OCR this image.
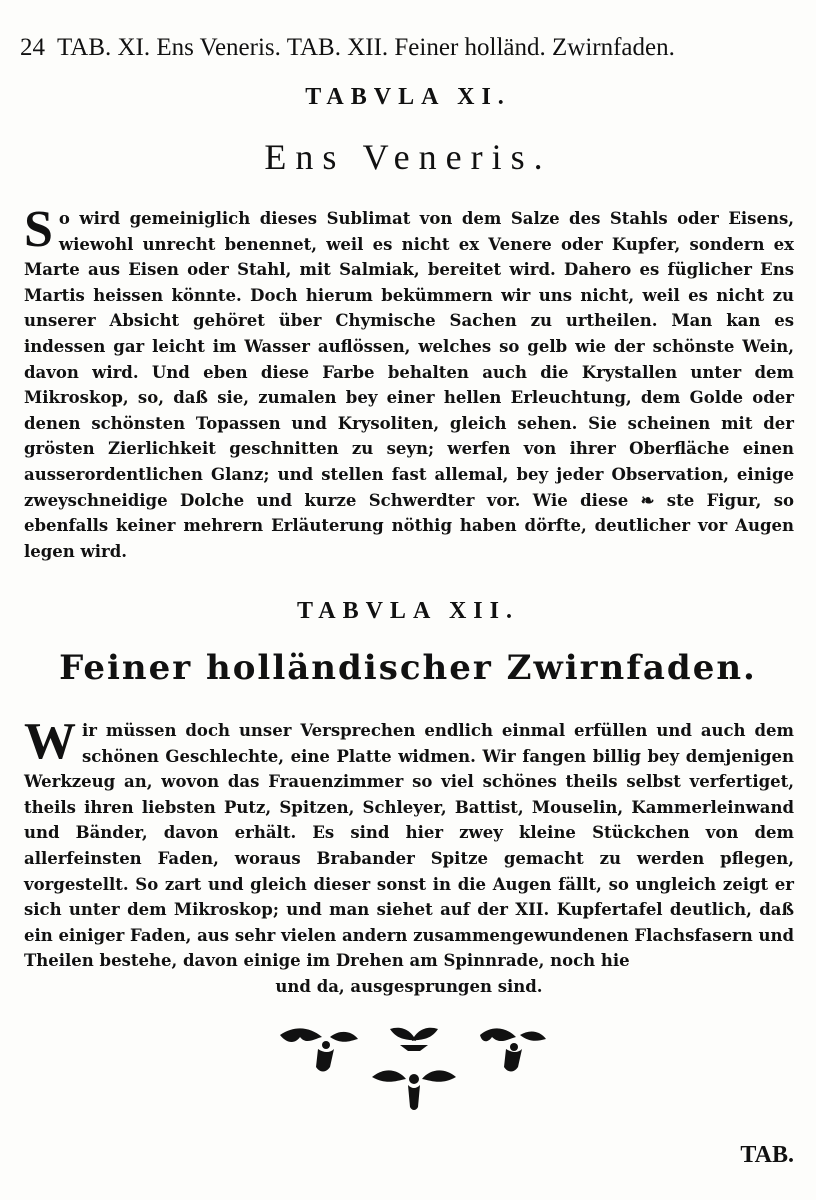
24 TAB. XI. Ens Veneris. TAB. XII. Feiner holländ. Zwirnfaden.
TABVLA XI.
Ens Veneris.
So wird gemeiniglich dieses Sublimat von dem Salze des Stahls oder Eisens, wiewohl unrecht benennet, weil es nicht ex Venere oder Kupfer, sondern ex Marte aus Eisen oder Stahl, mit Salmiak, bereitet wird. Dahero es füglicher Ens Martis heissen könnte. Doch hierum bekümmern wir uns nicht, weil es nicht zu unserer Absicht gehöret über Chymische Sachen zu urtheilen. Man kan es indessen gar leicht im Wasser auflössen, welches so gelb wie der schönste Wein, davon wird. Und eben diese Farbe behalten auch die Krystallen unter dem Mikroskop, so, daß sie, zumalen bey einer hellen Erleuchtung, dem Golde oder denen schönsten Topassen und Krysoliten, gleich sehen. Sie scheinen mit der grösten Zierlichkeit geschnitten zu seyn; werfen von ihrer Oberfläche einen ausserordentlichen Glanz; und stellen fast allemal, bey jeder Observation, einige zweyschneidige Dolche und kurze Schwerdter vor. Wie diese ❧ ste Figur, so ebenfalls keiner mehrern Erläuterung nöthig haben dörfte, deutlicher vor Augen legen wird.
TABVLA XII.
Feiner holländischer Zwirnfaden.
Wir müssen doch unser Versprechen endlich einmal erfüllen und auch dem schönen Geschlechte, eine Platte widmen. Wir fangen billig bey demjenigen Werkzeug an, wovon das Frauenzimmer so viel schönes theils selbst verfertiget, theils ihren liebsten Putz, Spitzen, Schleyer, Battist, Mouselin, Kammerleinwand und Bänder, davon erhält. Es sind hier zwey kleine Stückchen von dem allerfeinsten Faden, woraus Brabander Spitze gemacht zu werden pflegen, vorgestellt. So zart und gleich dieser sonst in die Augen fällt, so ungleich zeigt er sich unter dem Mikroskop; und man siehet auf der XII. Kupfertafel deutlich, daß ein einiger Faden, aus sehr vielen andern zusammengewundenen Flachsfasern und Theilen bestehe, davon einige im Drehen am Spinnrade, noch hie
und da, ausgesprungen sind.
TAB.
